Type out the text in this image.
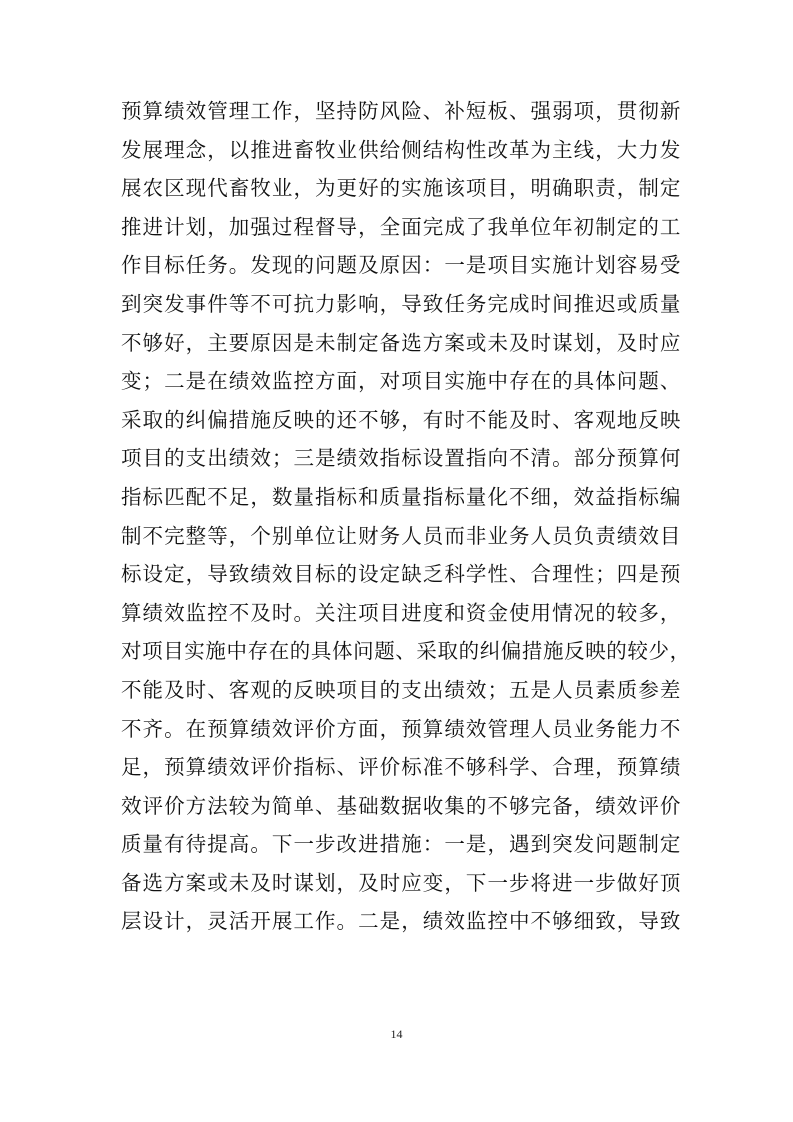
预算绩效管理工作，坚持防风险、补短板、强弱项，贯彻新
发展理念，以推进畜牧业供给侧结构性改革为主线，大力发
展农区现代畜牧业，为更好的实施该项目，明确职责，制定
推进计划，加强过程督导，全面完成了我单位年初制定的工
作目标任务。发现的问题及原因：一是项目实施计划容易受
到突发事件等不可抗力影响，导致任务完成时间推迟或质量
不够好，主要原因是未制定备选方案或未及时谋划，及时应
变；二是在绩效监控方面，对项目实施中存在的具体问题、
采取的纠偏措施反映的还不够，有时不能及时、客观地反映
项目的支出绩效；三是绩效指标设置指向不清。部分预算何
指标匹配不足，数量指标和质量指标量化不细，效益指标编
制不完整等，个别单位让财务人员而非业务人员负责绩效目
标设定，导致绩效目标的设定缺乏科学性、合理性；四是预
算绩效监控不及时。关注项目进度和资金使用情况的较多，
对项目实施中存在的具体问题、采取的纠偏措施反映的较少，
不能及时、客观的反映项目的支出绩效；五是人员素质参差
不齐。在预算绩效评价方面，预算绩效管理人员业务能力不
足，预算绩效评价指标、评价标准不够科学、合理，预算绩
效评价方法较为简单、基础数据收集的不够完备，绩效评价
质量有待提高。下一步改进措施：一是，遇到突发问题制定
备选方案或未及时谋划，及时应变，下一步将进一步做好顶
层设计，灵活开展工作。二是，绩效监控中不够细致，导致
14
